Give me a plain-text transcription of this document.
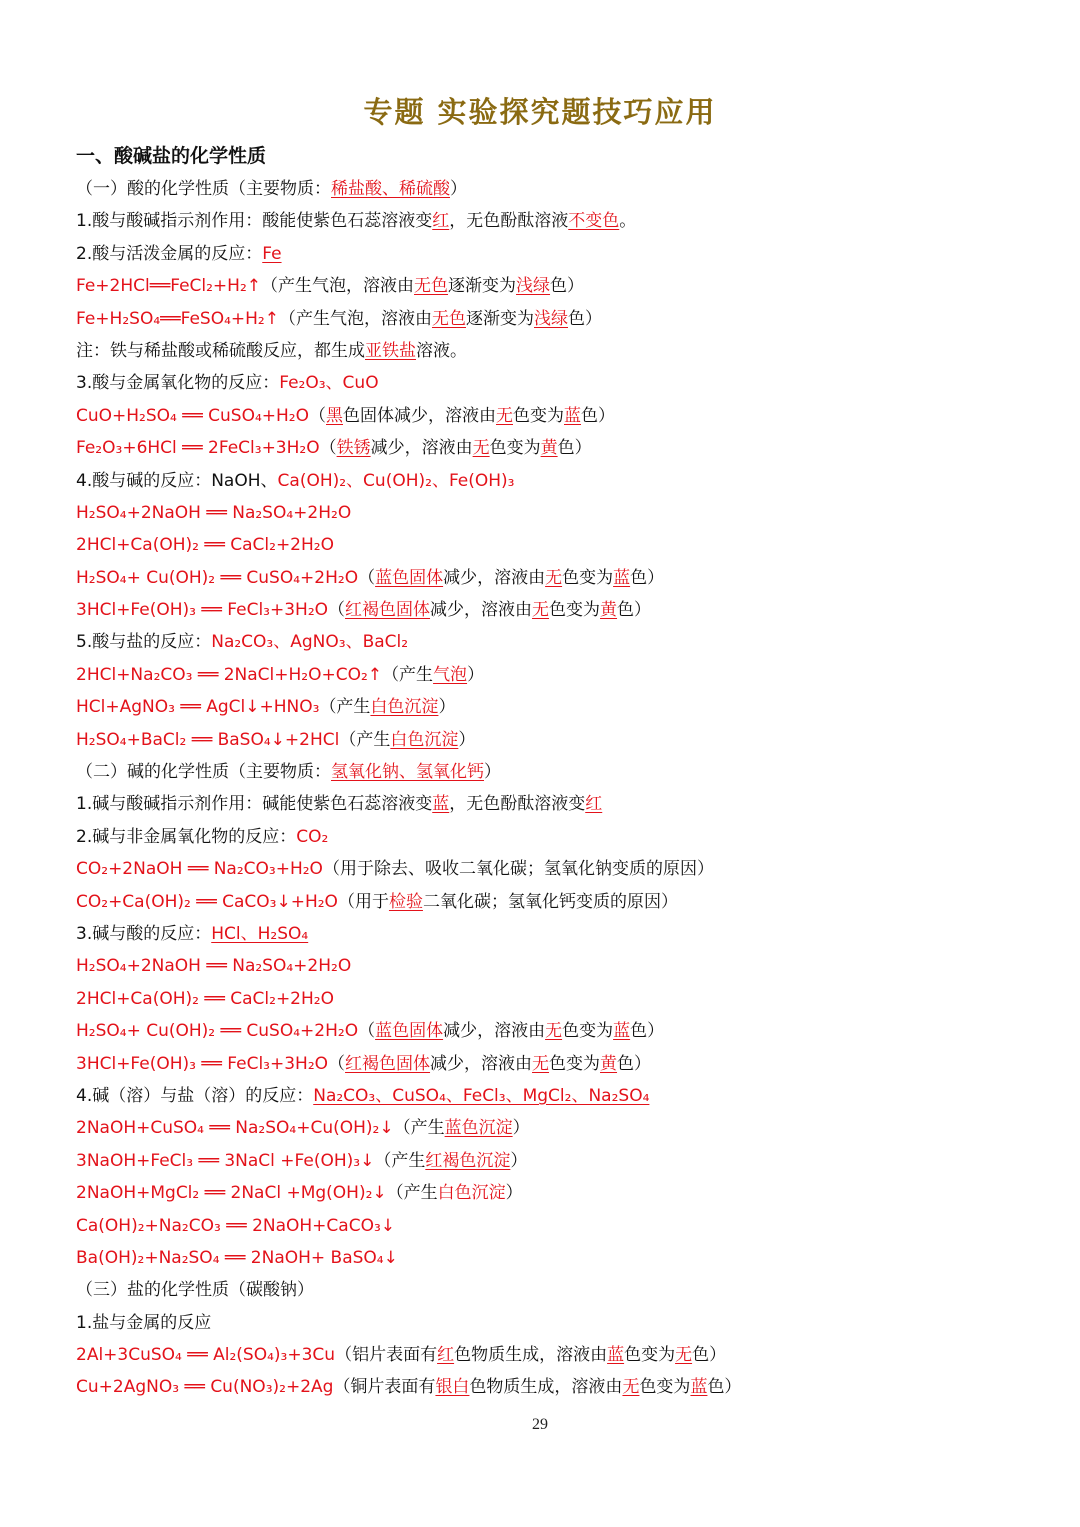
专题 实验探究题技巧应用
一、酸碱盐的化学性质
（一）酸的化学性质（主要物质：稀盐酸、稀硫酸）
1.酸与酸碱指示剂作用：酸能使紫色石蕊溶液变红，无色酚酞溶液不变色。
2.酸与活泼金属的反应：Fe
Fe+2HCl══FeCl₂+H₂↑（产生气泡，溶液由无色逐渐变为浅绿色）
Fe+H₂SO₄══FeSO₄+H₂↑（产生气泡，溶液由无色逐渐变为浅绿色）
注：铁与稀盐酸或稀硫酸反应，都生成亚铁盐溶液。
3.酸与金属氧化物的反应：Fe₂O₃、CuO
CuO+H₂SO₄ ══ CuSO₄+H₂O（黑色固体减少，溶液由无色变为蓝色）
Fe₂O₃+6HCl ══ 2FeCl₃+3H₂O（铁锈减少，溶液由无色变为黄色）
4.酸与碱的反应：NaOH、Ca(OH)₂、Cu(OH)₂、Fe(OH)₃
H₂SO₄+2NaOH ══ Na₂SO₄+2H₂O
2HCl+Ca(OH)₂ ══ CaCl₂+2H₂O
H₂SO₄+ Cu(OH)₂ ══ CuSO₄+2H₂O（蓝色固体减少，溶液由无色变为蓝色）
3HCl+Fe(OH)₃ ══ FeCl₃+3H₂O（红褐色固体减少，溶液由无色变为黄色）
5.酸与盐的反应：Na₂CO₃、AgNO₃、BaCl₂
2HCl+Na₂CO₃ ══ 2NaCl+H₂O+CO₂↑（产生气泡）
HCl+AgNO₃ ══ AgCl↓+HNO₃（产生白色沉淀）
H₂SO₄+BaCl₂ ══ BaSO₄↓+2HCl（产生白色沉淀）
（二）碱的化学性质（主要物质：氢氧化钠、氢氧化钙）
1.碱与酸碱指示剂作用：碱能使紫色石蕊溶液变蓝，无色酚酞溶液变红
2.碱与非金属氧化物的反应：CO₂
CO₂+2NaOH ══ Na₂CO₃+H₂O（用于除去、吸收二氧化碳；氢氧化钠变质的原因）
CO₂+Ca(OH)₂ ══ CaCO₃↓+H₂O（用于检验二氧化碳；氢氧化钙变质的原因）
3.碱与酸的反应：HCl、H₂SO₄
H₂SO₄+2NaOH ══ Na₂SO₄+2H₂O
2HCl+Ca(OH)₂ ══ CaCl₂+2H₂O
H₂SO₄+ Cu(OH)₂ ══ CuSO₄+2H₂O（蓝色固体减少，溶液由无色变为蓝色）
3HCl+Fe(OH)₃ ══ FeCl₃+3H₂O（红褐色固体减少，溶液由无色变为黄色）
4.碱（溶）与盐（溶）的反应：Na₂CO₃、CuSO₄、FeCl₃、MgCl₂、Na₂SO₄
2NaOH+CuSO₄ ══ Na₂SO₄+Cu(OH)₂↓（产生蓝色沉淀）
3NaOH+FeCl₃ ══ 3NaCl +Fe(OH)₃↓（产生红褐色沉淀）
2NaOH+MgCl₂ ══ 2NaCl +Mg(OH)₂↓（产生白色沉淀）
Ca(OH)₂+Na₂CO₃ ══ 2NaOH+CaCO₃↓
Ba(OH)₂+Na₂SO₄ ══ 2NaOH+ BaSO₄↓
（三）盐的化学性质（碳酸钠）
1.盐与金属的反应
2Al+3CuSO₄ ══ Al₂(SO₄)₃+3Cu（铝片表面有红色物质生成，溶液由蓝色变为无色）
Cu+2AgNO₃ ══ Cu(NO₃)₂+2Ag（铜片表面有银白色物质生成，溶液由无色变为蓝色）
29
